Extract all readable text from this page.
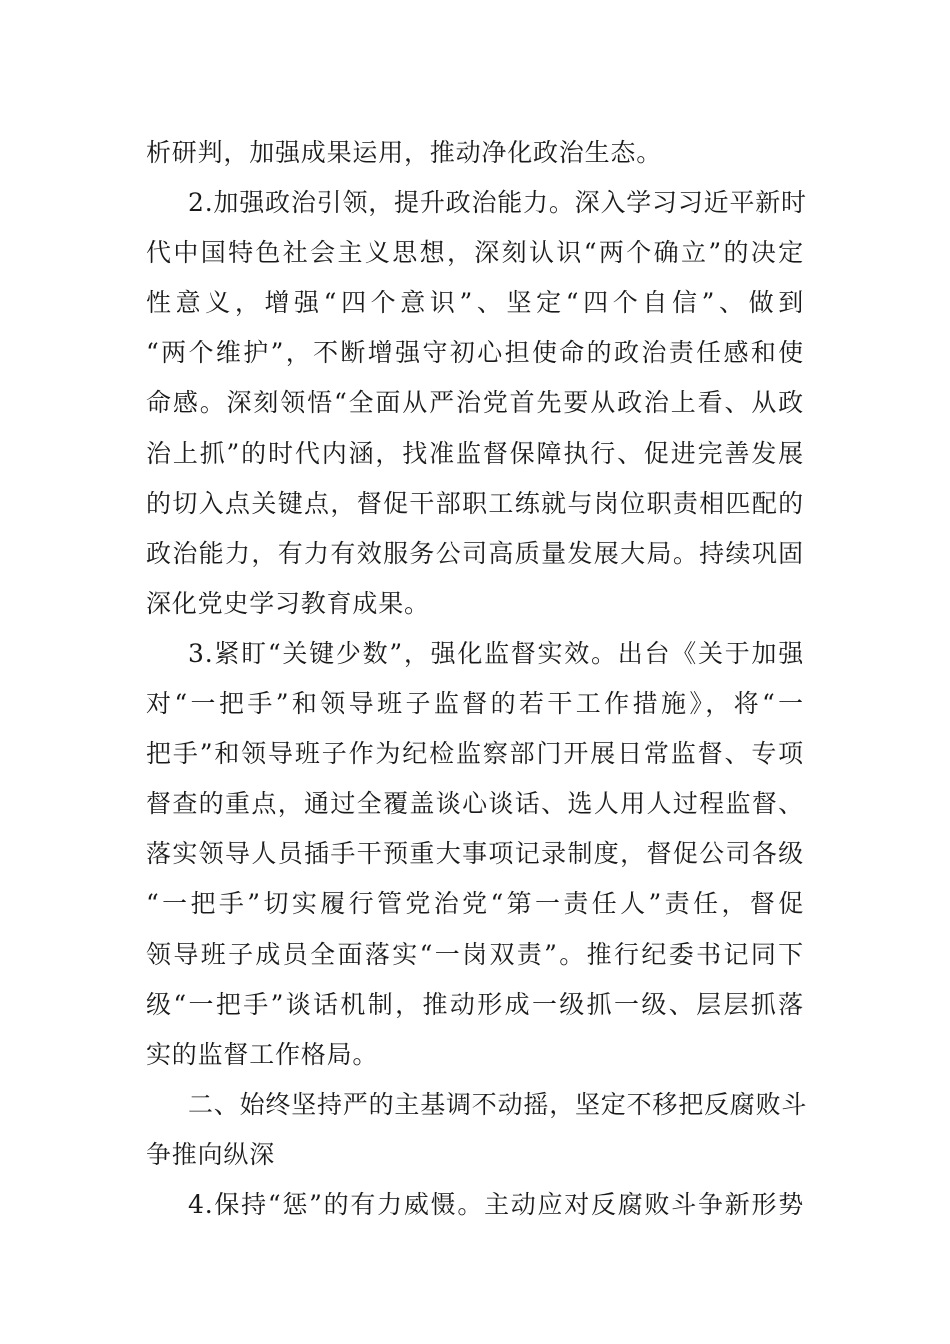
析研判，加强成果运用，推动净化政治生态。
2.加强政治引领，提升政治能力。深入学习习近平新时
代中国特色社会主义思想，深刻认识“两个确立”的决定
性意义，增强“四个意识”、坚定“四个自信”、做到
“两个维护”，不断增强守初心担使命的政治责任感和使
命感。深刻领悟“全面从严治党首先要从政治上看、从政
治上抓”的时代内涵，找准监督保障执行、促进完善发展
的切入点关键点，督促干部职工练就与岗位职责相匹配的
政治能力，有力有效服务公司高质量发展大局。持续巩固
深化党史学习教育成果。
3.紧盯“关键少数”，强化监督实效。出台《关于加强
对“一把手”和领导班子监督的若干工作措施》，将“一
把手”和领导班子作为纪检监察部门开展日常监督、专项
督查的重点，通过全覆盖谈心谈话、选人用人过程监督、
落实领导人员插手干预重大事项记录制度，督促公司各级
“一把手”切实履行管党治党“第一责任人”责任，督促
领导班子成员全面落实“一岗双责”。推行纪委书记同下
级“一把手”谈话机制，推动形成一级抓一级、层层抓落
实的监督工作格局。
二、始终坚持严的主基调不动摇，坚定不移把反腐败斗
争推向纵深
4.保持“惩”的有力威慑。主动应对反腐败斗争新形势
